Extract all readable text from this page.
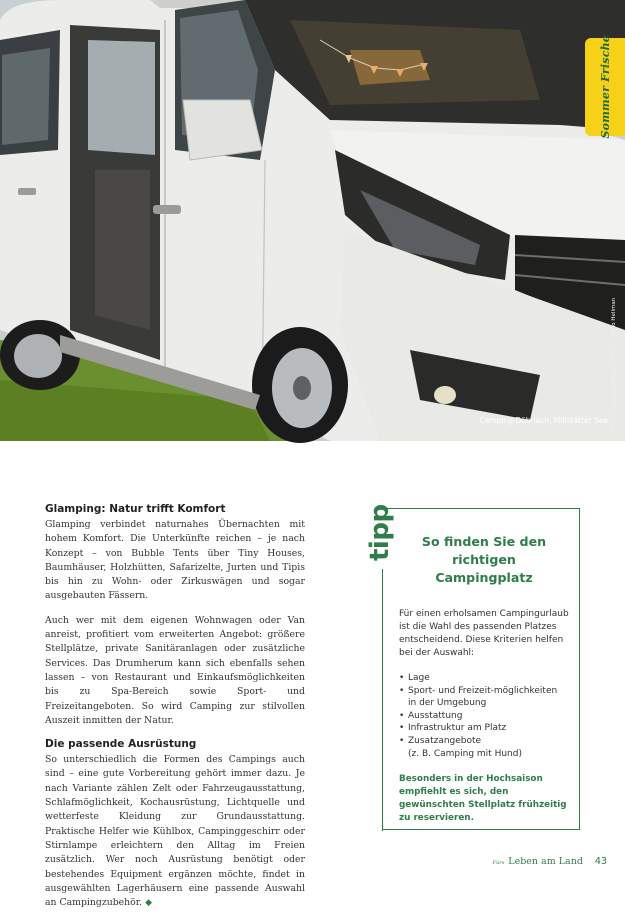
Sommer Frische
Foto: Camping Döbriach, MRH, ... Nuno Hellman
Camping Döbriach, Millstätter See
Glamping: Natur trifft Komfort

Glamping verbindet naturnahes Übernachten mit hohem Komfort. Die Unterkünfte reichen – je nach Konzept – von Bubble Tents über Tiny Houses, Baumhäuser, Holzhütten, Safarizelte, Jurten und Tipis bis hin zu Wohn- oder Zirkuswägen und sogar ausgebauten Fässern.

Auch wer mit dem eigenen Wohnwagen oder Van anreist, profitiert vom erweiterten Angebot: größere Stellplätze, private Sanitäranlagen oder zusätzliche Services. Das Drumherum kann sich ebenfalls sehen lassen – von Restaurant und Einkaufsmöglichkeiten bis zu Spa-Bereich sowie Sport- und Freizeitangeboten. So wird Camping zur stilvollen Auszeit inmitten der Natur.

Die passende Ausrüstung

So unterschiedlich die Formen des Campings auch sind – eine gute Vorbereitung gehört immer dazu. Je nach Variante zählen Zelt oder Fahrzeugausstattung, Schlafmöglichkeit, Kochausrüstung, Lichtquelle und wetterfeste Kleidung zur Grundausstattung. Praktische Helfer wie Kühlbox, Campinggeschirr oder Stirnlampe erleichtern den Alltag im Freien zusätzlich. Wer noch Ausrüstung benötigt oder bestehendes Equipment ergänzen möchte, findet in ausgewählten Lagerhäusern eine passende Auswahl an Campingzubehör. ◆

tipp	So finden Sie den richtigen Campingplatz
Für einen erholsamen Campingurlaub ist die Wahl des passenden Platzes entscheidend. Diese Kriterien helfen bei der Auswahl:
• Lage
• Sport- und Freizeit-möglichkeiten
in der Umgebung
• Ausstattung
• Infrastruktur am Platz
• Zusatzangebote
(z. B. Camping mit Hund)
Besonders in der Hochsaison empfiehlt es sich, den gewünschten Stellplatz frühzeitig zu reservieren.
Fürs Leben am Land 43
